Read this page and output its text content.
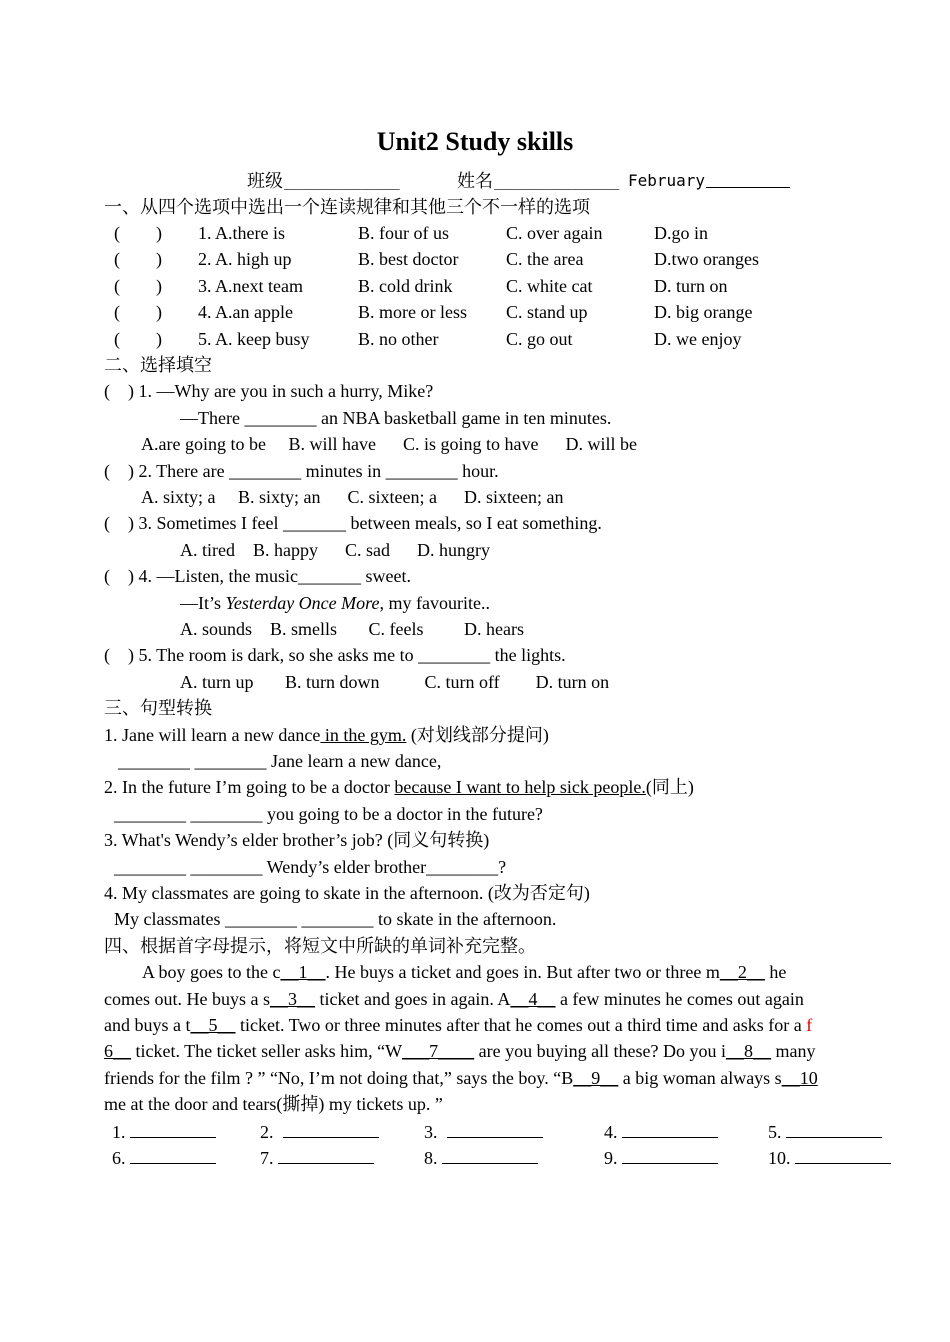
Unit2 Study skills
班级 ____________	姓名 _____________ February
一、从四个选项中选出一个连读规律和其他三个不一样的选项
(        ) 1. A.there is	B. four of us	C. over again	D.go in
(        ) 2. A. high up	B. best doctor	C. the area	D.two oranges
(        ) 3. A.next team	B. cold drink	C. white cat	D. turn on
(        ) 4. A.an apple	B. more or less C. stand up	D. big orange
(        ) 5. A. keep busy	B. no other	C. go out	D. we enjoy
二、选择填空
(    ) 1. —Why are you in such a hurry, Mike?
—There ________ an NBA basketball game in ten minutes.
A.are going to be     B. will have      C. is going to have      D. will be
(    ) 2. There are ________ minutes in ________ hour.
A. sixty; a     B. sixty; an      C. sixteen; a      D. sixteen; an
(    ) 3. Sometimes I feel _______ between meals, so I eat something.
A. tired    B. happy      C. sad      D. hungry
(    ) 4. —Listen, the music_______ sweet.
—It’s Yesterday Once More, my favourite..
A. sounds    B. smells       C. feels         D. hears
(    ) 5. The room is dark, so she asks me to ________ the lights.
A. turn up       B. turn down          C. turn off        D. turn on
三、句型转换
1. Jane will learn a new dance in the gym. (对划线部分提问)
________ ________ Jane learn a new dance,
2. In the future I’m going to be a doctor because I want to help sick people.(同上)
________ ________ you going to be a doctor in the future?
3. What's Wendy’s elder brother’s job? (同义句转换)
________ ________ Wendy’s elder brother________?
4. My classmates are going to skate in the afternoon. (改为否定句)
My classmates ________ ________ to skate in the afternoon.
四、根据首字母提示，将短文中所缺的单词补充完整。
A boy goes to the c__1__. He buys a ticket and goes in. But after two or three m__2__ he
comes out. He buys a s__3__ ticket and goes in again. A__4__ a few minutes he comes out again
and buys a t__5__ ticket. Two or three minutes after that he comes out a third time and asks for a f
6__ ticket. The ticket seller asks him, “W___7____ are you buying all these? Do you i__8__ many
friends for the film ? ” “No, I’m not doing that,” says the boy. “B__9__ a big woman always s__10
me at the door and tears(撕掉) my tickets up. ”
1.	2.	3.	4.	5.
6.	7.	8.	9.	10.
